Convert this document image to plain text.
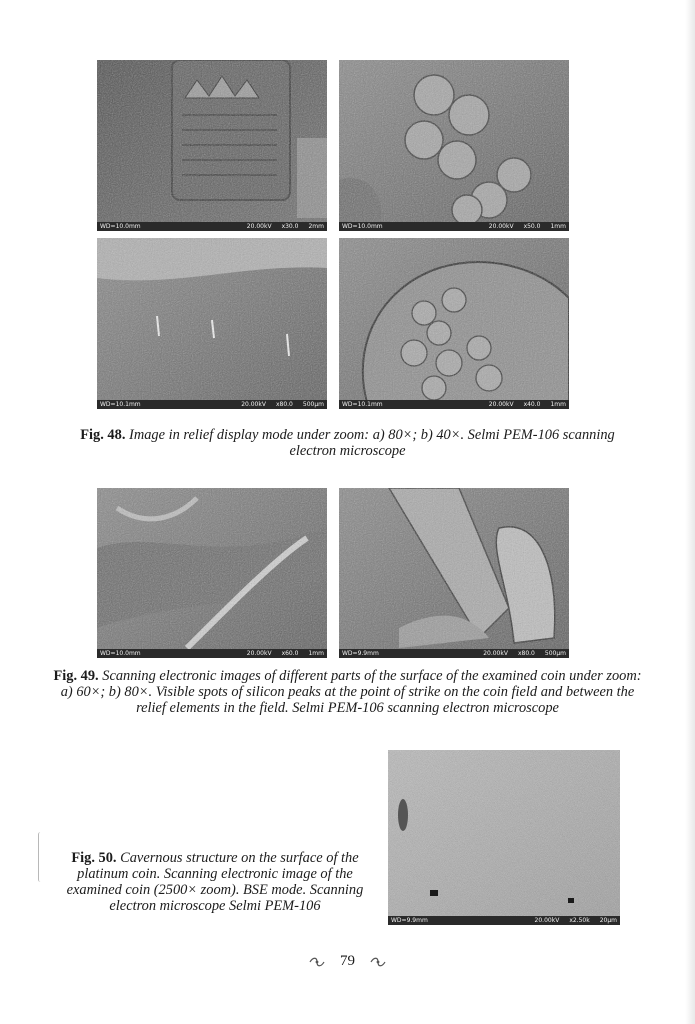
WD=10.0mm	20.00kV x30.0 2mm	WD=10.0mm	20.00kV x50.0 1mm
WD=10.1mm	20.00kV x80.0 500µm	WD=10.1mm	20.00kV x40.0 1mm
Fig. 48. Image in relief display mode under zoom: a) 80×; b) 40×. Selmi PEM-106 scanning electron microscope
WD=10.0mm	20.00kV x60.0 1mm	WD=9.9mm	20.00kV x80.0 500µm
Fig. 49. Scanning electronic images of different parts of the surface of the examined coin under zoom: a) 60×; b) 80×. Visible spots of silicon peaks at the point of strike on the coin field and between the relief elements in the field. Selmi PEM-106 scanning electron microscope
WD=9.9mm	20.00kV x2.50k 20µm
Fig. 50. Cavernous structure on the surface of the platinum coin. Scanning electronic image of the examined coin (2500× zoom). BSE mode. Scanning electron microscope Selmi PEM-106
79
